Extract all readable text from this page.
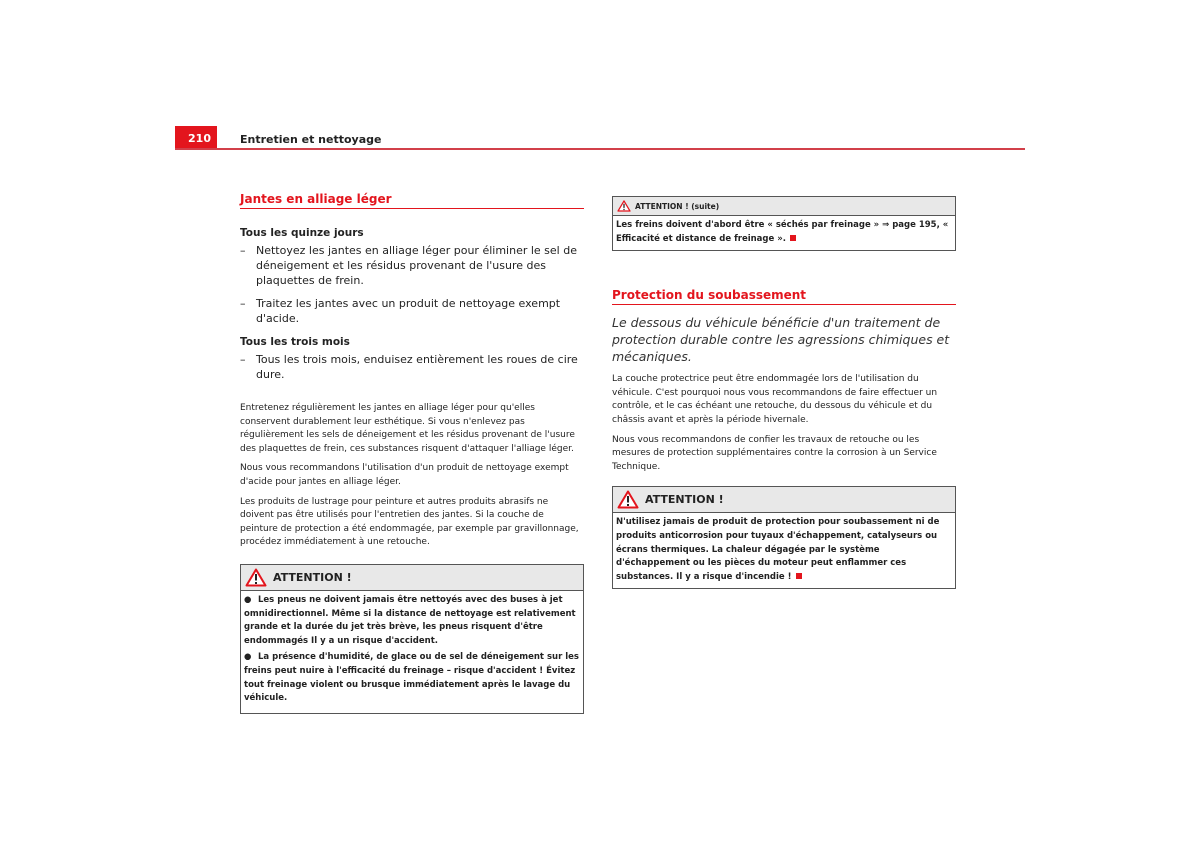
210	Entretien et nettoyage
Jantes en alliage léger
Tous les quinze jours
– Nettoyez les jantes en alliage léger pour éliminer le sel de déneigement et les résidus provenant de l'usure des plaquettes de frein.
– Traitez les jantes avec un produit de nettoyage exempt d'acide.
Tous les trois mois
– Tous les trois mois, enduisez entièrement les roues de cire dure.

Entretenez régulièrement les jantes en alliage léger pour qu'elles conservent durablement leur esthétique. Si vous n'enlevez pas régulièrement les sels de déneigement et les résidus provenant de l'usure des plaquettes de frein, ces substances risquent d'attaquer l'alliage léger.

Nous vous recommandons l'utilisation d'un produit de nettoyage exempt d'acide pour jantes en alliage léger.

Les produits de lustrage pour peinture et autres produits abrasifs ne doivent pas être utilisés pour l'entretien des jantes. Si la couche de peinture de protection a été endommagée, par exemple par gravillonnage, procédez immédiatement à une retouche.

ATTENTION !

● Les pneus ne doivent jamais être nettoyés avec des buses à jet omnidirectionnel. Même si la distance de nettoyage est relativement grande et la durée du jet très brève, les pneus risquent d'être endommagés Il y a un risque d'accident.

● La présence d'humidité, de glace ou de sel de déneigement sur les freins peut nuire à l'efficacité du freinage – risque d'accident ! Évitez tout freinage violent ou brusque immédiatement après le lavage du véhicule.

ATTENTION ! (suite)
Les freins doivent d'abord être « séchés par freinage » ⇒ page 195, « Efficacité et distance de freinage ».
Protection du soubassement

Le dessous du véhicule bénéficie d'un traitement de protection durable contre les agressions chimiques et mécaniques.

La couche protectrice peut être endommagée lors de l'utilisation du véhicule. C'est pourquoi nous vous recommandons de faire effectuer un contrôle, et le cas échéant une retouche, du dessous du véhicule et du châssis avant et après la période hivernale.

Nous vous recommandons de confier les travaux de retouche ou les mesures de protection supplémentaires contre la corrosion à un Service Technique.

ATTENTION !
N'utilisez jamais de produit de protection pour soubassement ni de produits anticorrosion pour tuyaux d'échappement, catalyseurs ou écrans thermiques. La chaleur dégagée par le système d'échappement ou les pièces du moteur peut enflammer ces substances. Il y a risque d'incendie !
